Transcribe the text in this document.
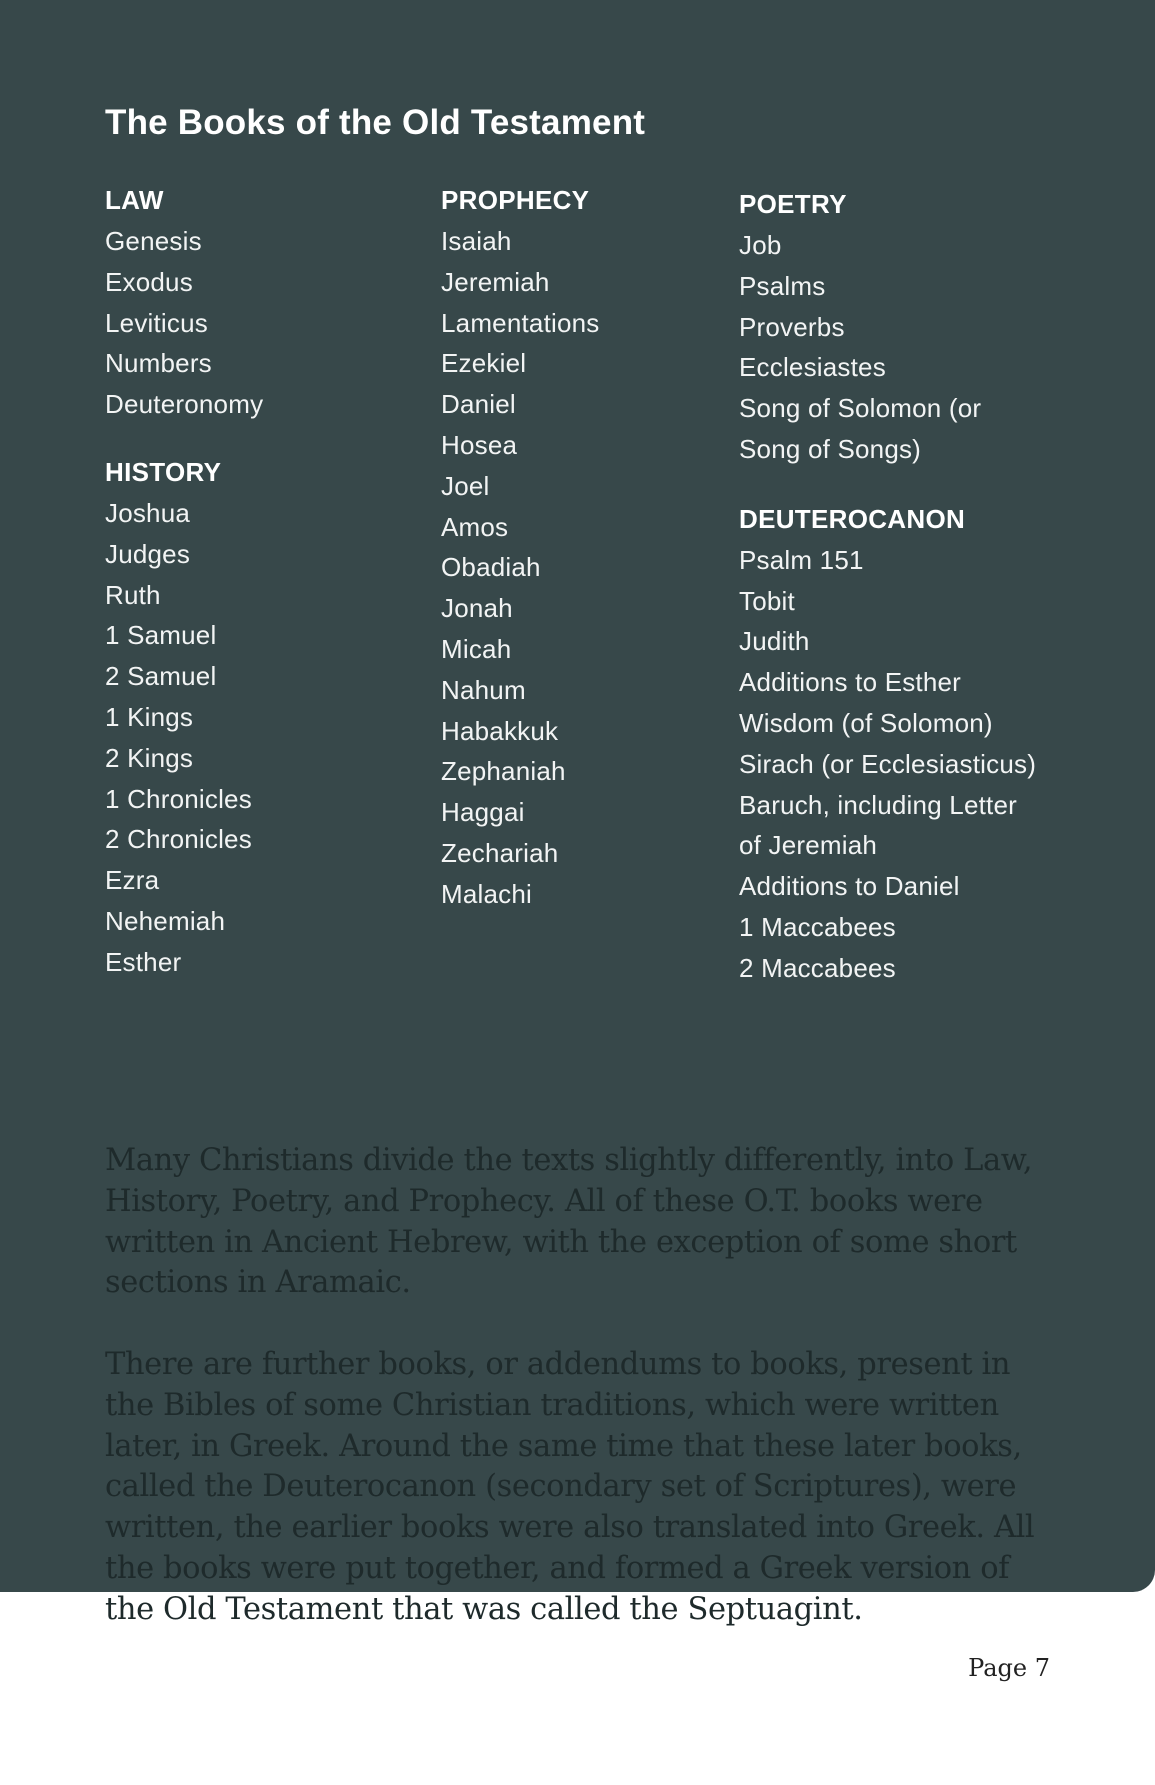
The Books of the Old Testament
LAW
Genesis
Exodus
Leviticus
Numbers
Deuteronomy
HISTORY
Joshua
Judges
Ruth
1 Samuel
2 Samuel
1 Kings
2 Kings
1 Chronicles
2 Chronicles
Ezra
Nehemiah
Esther
PROPHECY
Isaiah
Jeremiah
Lamentations
Ezekiel
Daniel
Hosea
Joel
Amos
Obadiah
Jonah
Micah
Nahum
Habakkuk
Zephaniah
Haggai
Zechariah
Malachi
POETRY
Job
Psalms
Proverbs
Ecclesiastes
Song of Solomon (or
Song of Songs)
DEUTEROCANON
Psalm 151
Tobit
Judith
Additions to Esther
Wisdom (of Solomon)
Sirach (or Ecclesiasticus)
Baruch, including Letter
of Jeremiah
Additions to Daniel
1 Maccabees
2 Maccabees

Many Christians divide the texts slightly differently, into Law, History, Poetry, and Prophecy. All of these O.T. books were written in Ancient Hebrew, with the exception of some short sections in Aramaic.

There are further books, or addendums to books, present in the Bibles of some Christian traditions, which were written later, in Greek. Around the same time that these later books, called the Deuterocanon (secondary set of Scriptures), were written, the earlier books were also translated into Greek. All the books were put together, and formed a Greek version of the Old Testament that was called the Septuagint.

Page 7
